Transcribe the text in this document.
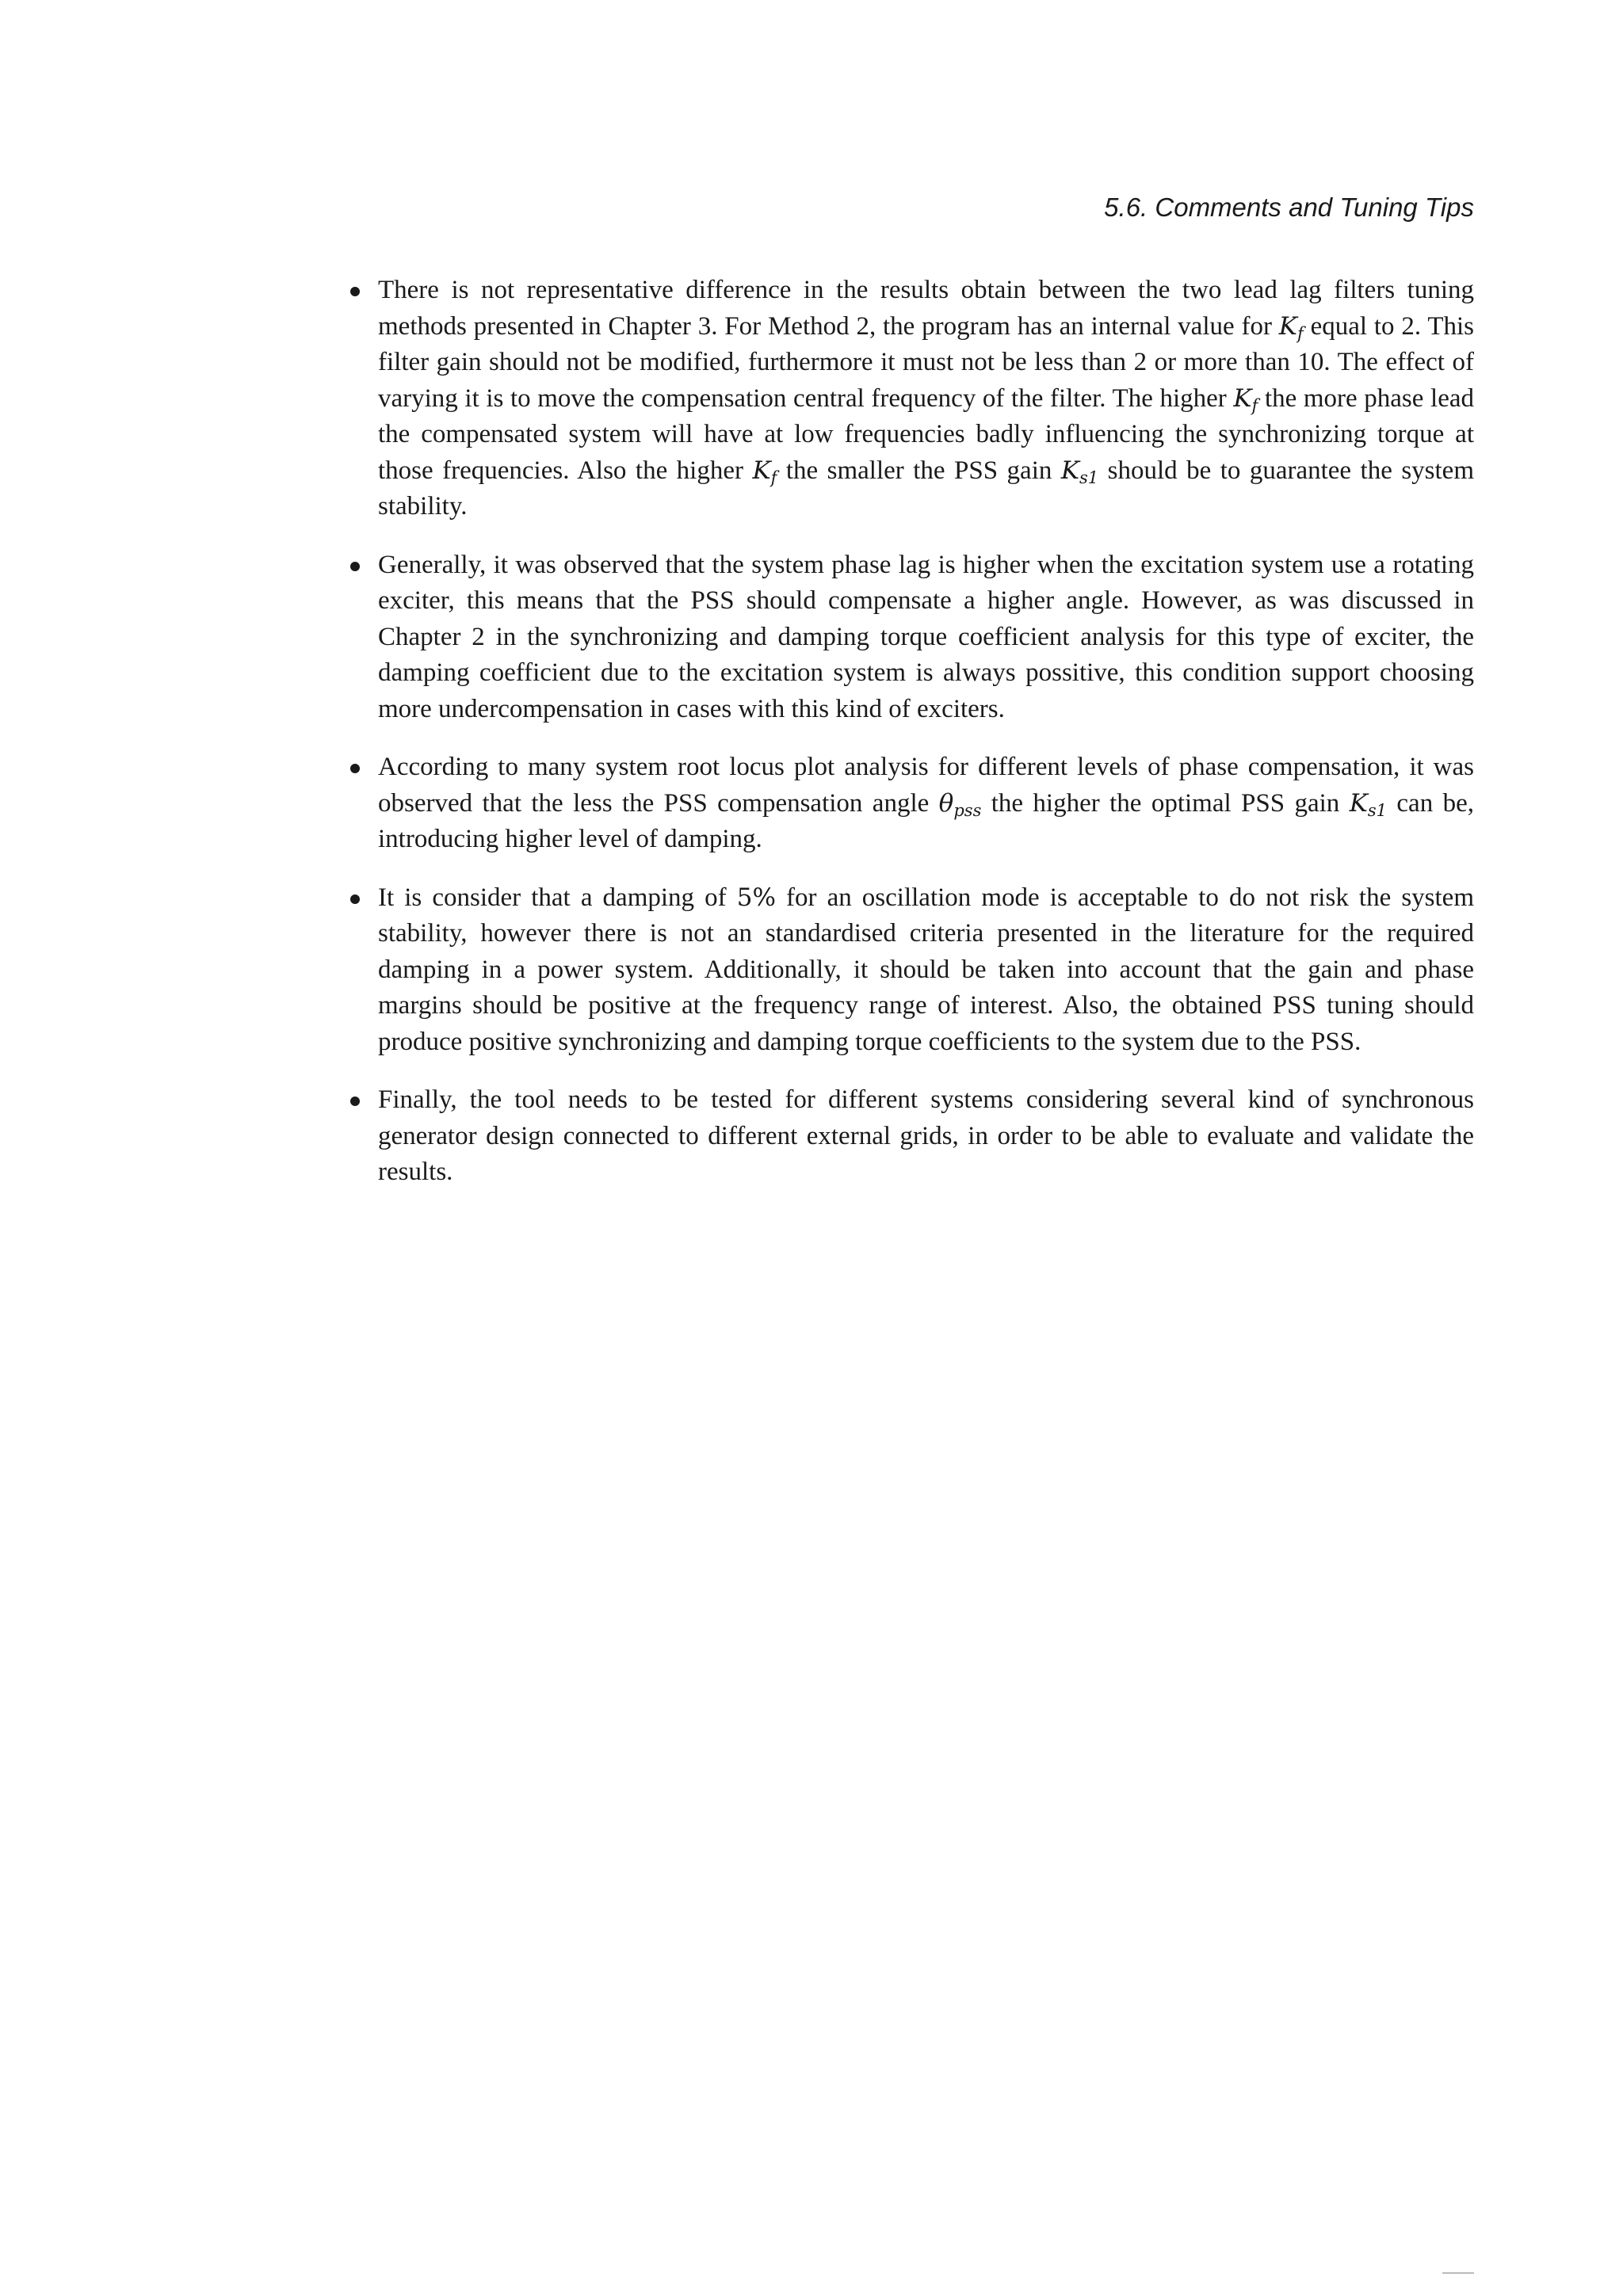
5.6. Comments and Tuning Tips
There is not representative difference in the results obtain between the two lead lag filters tuning methods presented in Chapter 3. For Method 2, the program has an internal value for $K_f$ equal to 2. This filter gain should not be modified, furthermore it must not be less than 2 or more than 10. The effect of varying it is to move the compensation central frequency of the filter. The higher $K_f$ the more phase lead the compensated system will have at low frequencies badly influencing the synchronizing torque at those frequencies. Also the higher $K_f$ the smaller the PSS gain $K_{s1}$ should be to guarantee the system stability.
Generally, it was observed that the system phase lag is higher when the excitation system use a rotating exciter, this means that the PSS should compensate a higher angle. However, as was discussed in Chapter 2 in the synchronizing and damping torque coefficient analysis for this type of exciter, the damping coefficient due to the excitation system is always possitive, this condition support choosing more undercompensation in cases with this kind of exciters.
According to many system root locus plot analysis for different levels of phase compensation, it was observed that the less the PSS compensation angle $\theta_{pss}$ the higher the optimal PSS gain $K_{s1}$ can be, introducing higher level of damping.
It is consider that a damping of 5% for an oscillation mode is acceptable to do not risk the system stability, however there is not an standardised criteria presented in the literature for the required damping in a power system. Additionally, it should be taken into account that the gain and phase margins should be positive at the frequency range of interest. Also, the obtained PSS tuning should produce positive synchronizing and damping torque coefficients to the system due to the PSS.
Finally, the tool needs to be tested for different systems considering several kind of synchronous generator design connected to different external grids, in order to be able to evaluate and validate the results.
